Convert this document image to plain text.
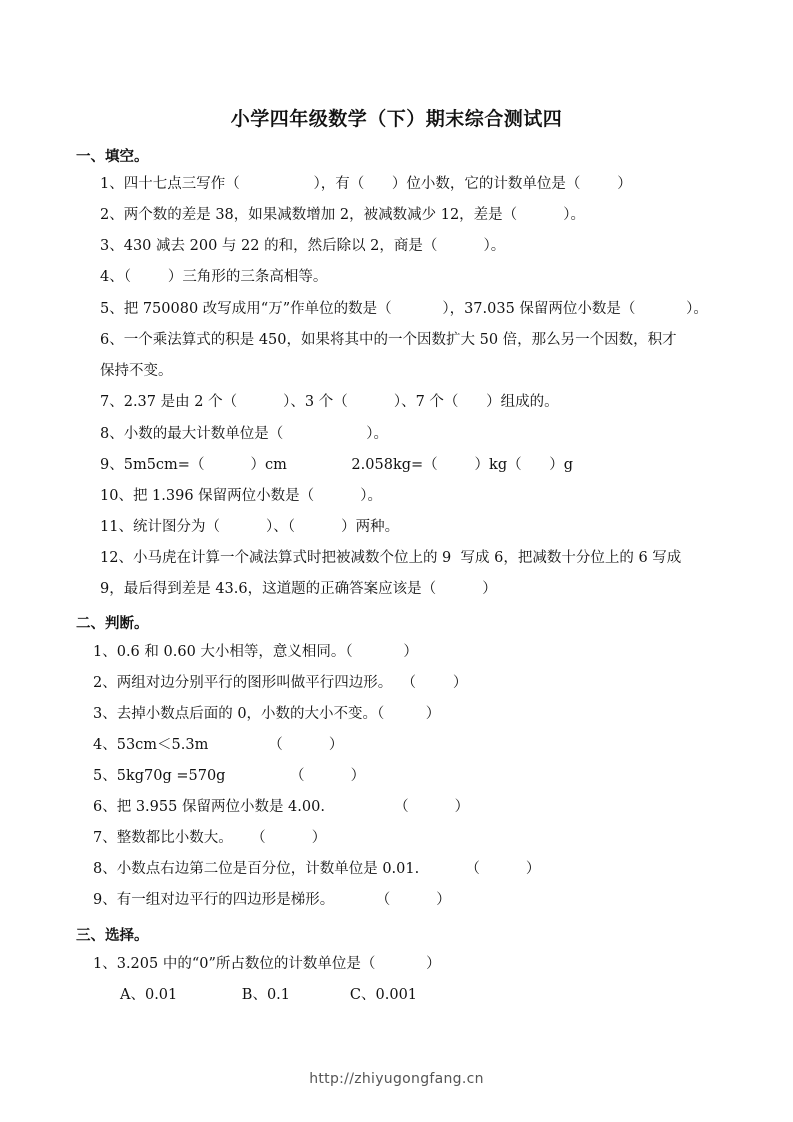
小学四年级数学（下）期末综合测试四
一、填空。
1、四十七点三写作（                ），有（      ）位小数，它的计数单位是（        ）
2、两个数的差是 38，如果减数增加 2，被减数减少 12，差是（          ）。
3、430 减去 200 与 22 的和，然后除以 2，商是（          ）。
4、（        ）三角形的三条高相等。
5、把 750080 改写成用“万”作单位的数是（           ），37.035 保留两位小数是（           ）。
6、一个乘法算式的积是 450，如果将其中的一个因数扩大 50 倍，那么另一个因数，积才
保持不变。
7、2.37 是由 2 个（          ）、3 个（          ）、7 个（      ）组成的。
8、小数的最大计数单位是（                  ）。
9、5m5cm=（          ）cm              2.058kg=（        ）kg（      ）g
10、把 1.396 保留两位小数是（          ）。
11、统计图分为（          ）、（          ）两种。
12、小马虎在计算一个减法算式时把被减数个位上的 9  写成 6，把减数十分位上的 6 写成
9，最后得到差是 43.6，这道题的正确答案应该是（          ）
二、判断。
1、0.6 和 0.60 大小相等，意义相同。（           ）
2、两组对边分别平行的图形叫做平行四边形。  （        ）
3、去掉小数点后面的 0，小数的大小不变。（         ）
4、53cm＜5.3m             （          ）
5、5kg70g =570g              （          ）
6、把 3.955 保留两位小数是 4.00.               （          ）
7、整数都比小数大。    （          ）
8、小数点右边第二位是百分位，计数单位是 0.01.          （          ）
9、有一组对边平行的四边形是梯形。         （          ）
三、选择。
1、3.205 中的“0”所占数位的计数单位是（           ）
A、0.01              B、0.1             C、0.001
http://zhiyugongfang.cn
